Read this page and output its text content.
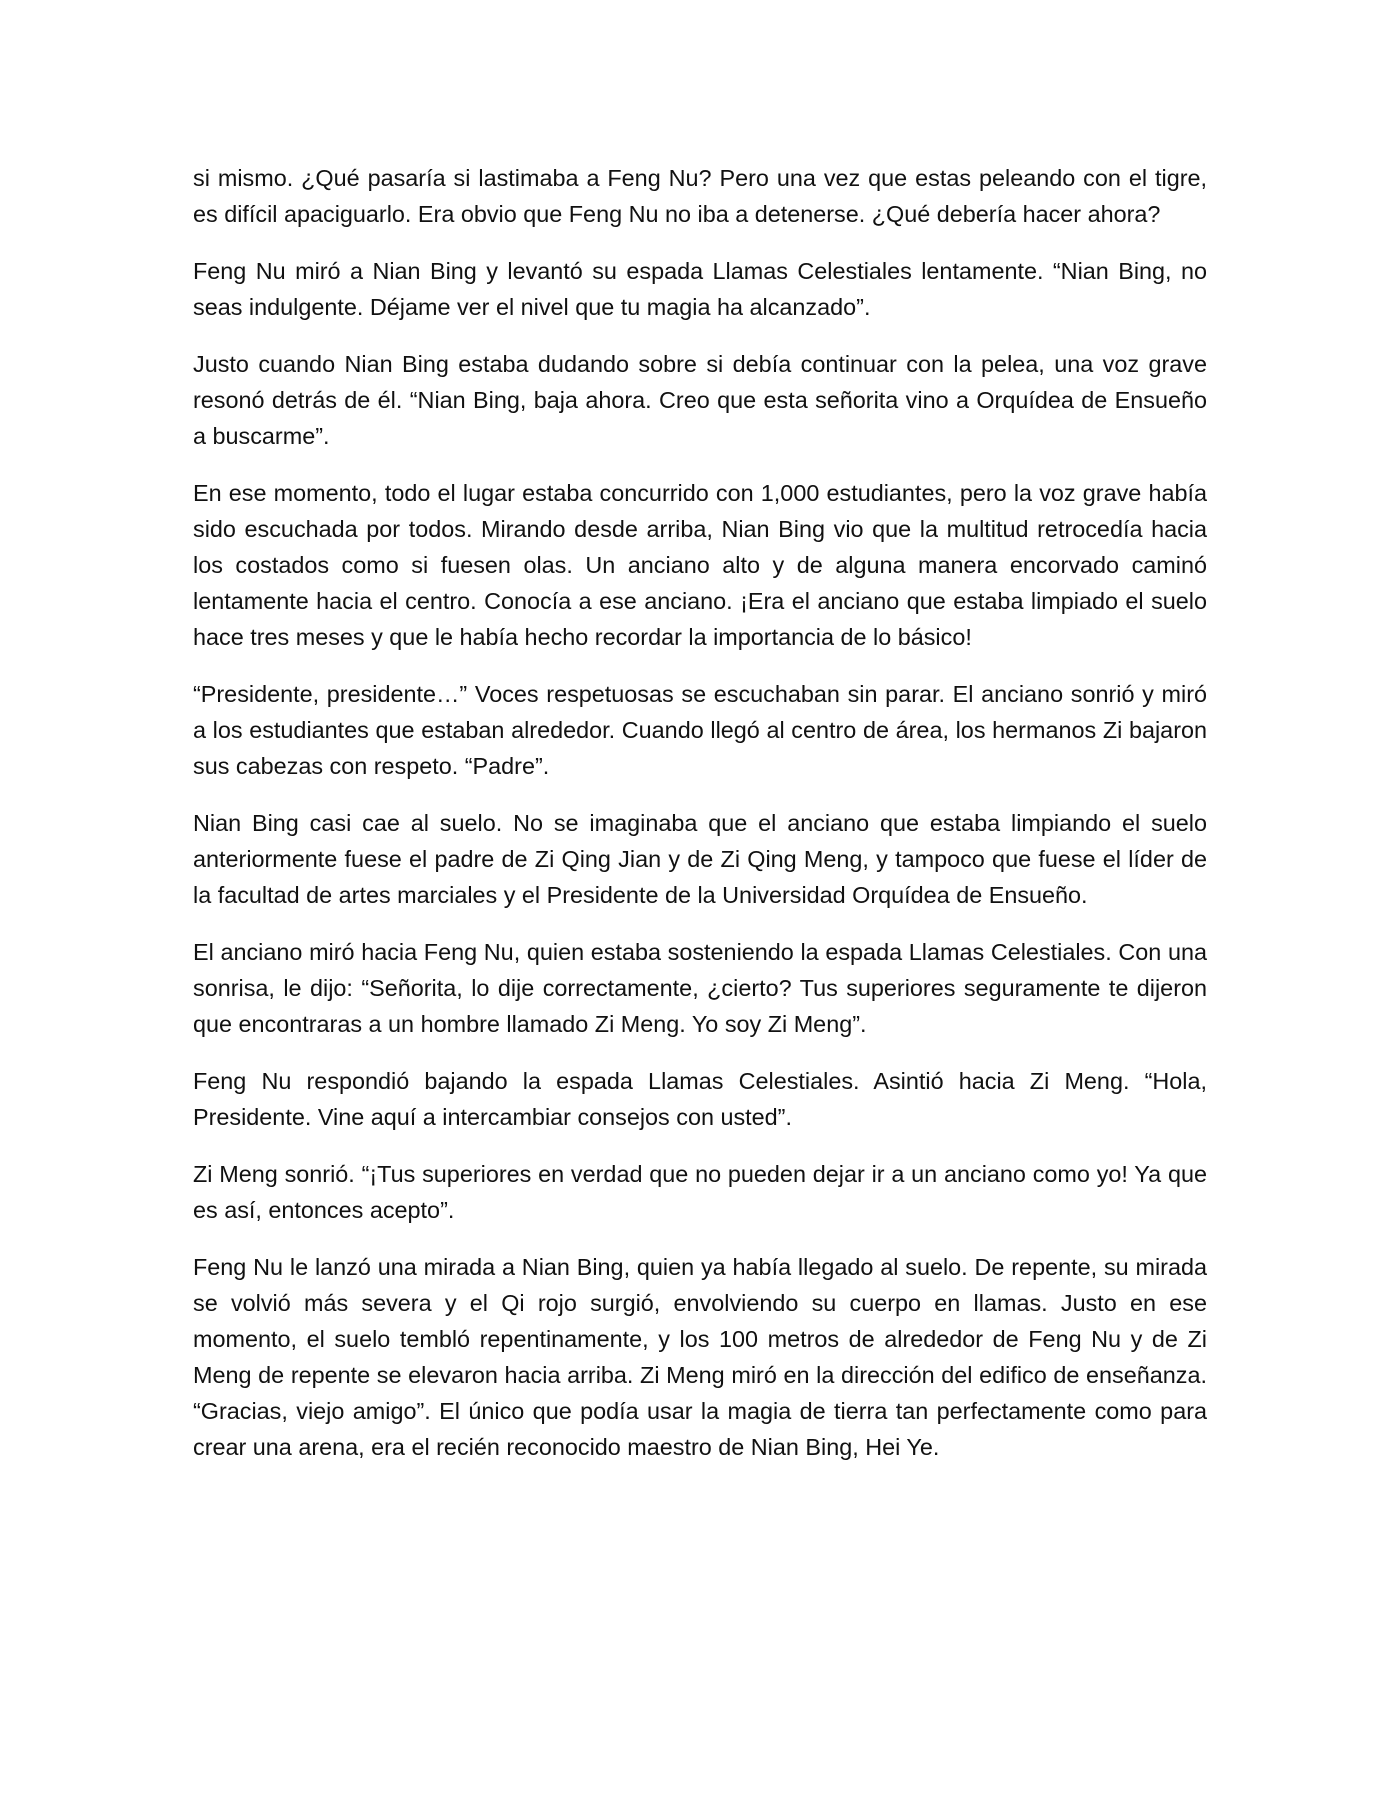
si mismo. ¿Qué pasaría si lastimaba a Feng Nu? Pero una vez que estas peleando con el tigre, es difícil apaciguarlo. Era obvio que Feng Nu no iba a detenerse. ¿Qué debería hacer ahora?

Feng Nu miró a Nian Bing y levantó su espada Llamas Celestiales lentamente. “Nian Bing, no seas indulgente. Déjame ver el nivel que tu magia ha alcanzado”.

Justo cuando Nian Bing estaba dudando sobre si debía continuar con la pelea, una voz grave resonó detrás de él. “Nian Bing, baja ahora. Creo que esta señorita vino a Orquídea de Ensueño a buscarme”.

En ese momento, todo el lugar estaba concurrido con 1,000 estudiantes, pero la voz grave había sido escuchada por todos. Mirando desde arriba, Nian Bing vio que la multitud retrocedía hacia los costados como si fuesen olas. Un anciano alto y de alguna manera encorvado caminó lentamente hacia el centro. Conocía a ese anciano. ¡Era el anciano que estaba limpiado el suelo hace tres meses y que le había hecho recordar la importancia de lo básico!

“Presidente, presidente…” Voces respetuosas se escuchaban sin parar. El anciano sonrió y miró a los estudiantes que estaban alrededor. Cuando llegó al centro de área, los hermanos Zi bajaron sus cabezas con respeto. “Padre”.

Nian Bing casi cae al suelo. No se imaginaba que el anciano que estaba limpiando el suelo anteriormente fuese el padre de Zi Qing Jian y de Zi Qing Meng, y tampoco que fuese el líder de la facultad de artes marciales y el Presidente de la Universidad Orquídea de Ensueño.

El anciano miró hacia Feng Nu, quien estaba sosteniendo la espada Llamas Celestiales. Con una sonrisa, le dijo: “Señorita, lo dije correctamente, ¿cierto? Tus superiores seguramente te dijeron que encontraras a un hombre llamado Zi Meng. Yo soy Zi Meng”.

Feng Nu respondió bajando la espada Llamas Celestiales. Asintió hacia Zi Meng. “Hola, Presidente. Vine aquí a intercambiar consejos con usted”.

Zi Meng sonrió. “¡Tus superiores en verdad que no pueden dejar ir a un anciano como yo! Ya que es así, entonces acepto”.

Feng Nu le lanzó una mirada a Nian Bing, quien ya había llegado al suelo. De repente, su mirada se volvió más severa y el Qi rojo surgió, envolviendo su cuerpo en llamas. Justo en ese momento, el suelo tembló repentinamente, y los 100 metros de alrededor de Feng Nu y de Zi Meng de repente se elevaron hacia arriba. Zi Meng miró en la dirección del edifico de enseñanza. “Gracias, viejo amigo”. El único que podía usar la magia de tierra tan perfectamente como para crear una arena, era el recién reconocido maestro de Nian Bing, Hei Ye.
